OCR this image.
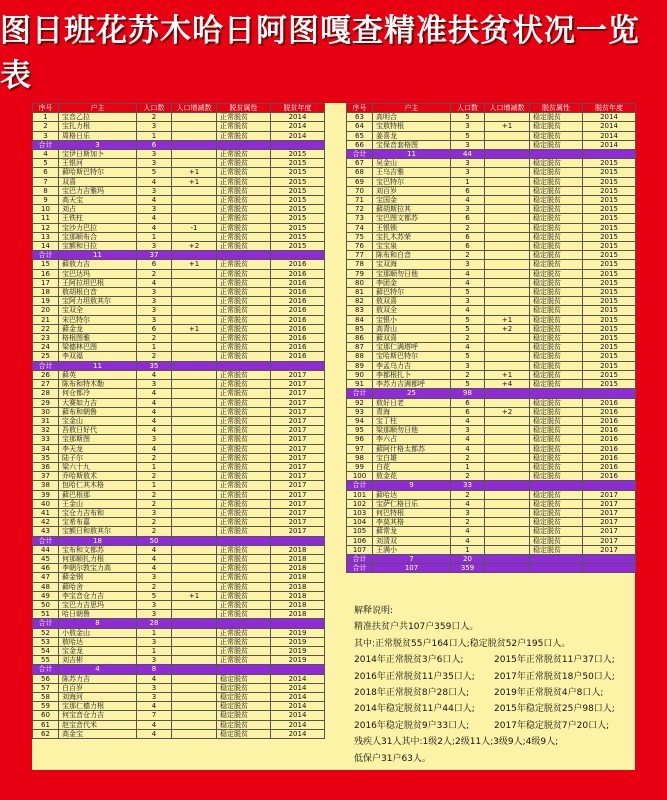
图日班花苏木哈日阿图嘎查精准扶贫状况一览表
序号	户主	人口数	人口增减数	脱贫属性	脱贫年度
1	宝音乙拉	2		正常脱贫	2014
2	宝扎力根	3		正常脱贫	2014
3	周格日乐	1		正常脱贫	2014
合计	3	6			
4	宝伊日斯加卜	3		正常脱贫	2015
5	王银河	3		正常脱贫	2015
6	藓哈斯巴特尔	5	+1	正常脱贫	2015
7	双喜	4	+1	正常脱贫	2015
8	宝巴力吉雅玛	3		正常脱贫	2015
9	高天宝	4		正常脱贫	2015
10	刘占	3		正常脱贫	2015
11	王铁柱	4		正常脱贫	2015
12	宝沙力巴拉	4	-1	正常脱贫	2015
13	宝那顺布合	1		正常脱贫	2015
14	宝额和日拉	3	+2	正常脱贫	2015
合计	11	37			
15	藓敖力吉	6	+1	正常脱贫	2016
16	宝巴达玛	2		正常脱贫	2016
17	王阿拉坦巴根	4		正常脱贫	2016
18	敖胡根白音	3		正常脱贫	2016
19	宝阿力坦敖其尔	3		正常脱贫	2016
20	宝双全	3		正常脱贫	2016
21	宋巴特尔	3		正常脱贫	2016
22	藓金龙	6	+1	正常脱贫	2016
23	格根图雅	2		正常脱贫	2016
24	梁德林巴图	1		正常脱贫	2016
25	李双福	2		正常脱贫	2016
合计	11	35			
26	藓英	4		正常脱贫	2017
27	陈布和特木勒	3		正常脱贫	2017
28	何仓都冷	4		正常脱贫	2017
29	大赛如力吉	4		正常脱贫	2017
30	藓布和朝鲁	4		正常脱贫	2017
31	宝金山	4		正常脱贫	2017
32	吾敖日好代	4		正常脱贫	2017
33	宝那斯图	3		正常脱贫	2017
34	李天龙	4		正常脱贫	2017
35	陆子尔	2		正常脱贫	2017
36	梁六十九	1		正常脱贫	2017
37	乔哈斯敖术	2		正常脱贫	2017
38	包哈仁其木格	1		正常脱贫	2017
39	藓巴根那	2		正常脱贫	2017
40	王金山	2		正常脱贫	2017
41	宝仓力吉布和	3		正常脱贫	2017
42	宝希布嘉	2		正常脱贫	2017
43	宝额日和敖其尔	2		正常脱贫	2017
合计	18	50			
44	宝布和文都苏	4		正常脱贫	2018
45	何那顺扎力根	4		正常脱贫	2018
46	李朝尔敦宝力高	4		正常脱贫	2018
47	藓金钢	3		正常脱贫	2018
48	藓哈舍	2		正常脱贫	2018
49	李宝音仓力吉	5	+1	正常脱贫	2018
50	宝巴力吉思玛	3		正常脱贫	2018
51	哈日朝鲁	3		正常脱贫	2018
合计	8	28			
52	小敖金山	1		正常脱贫	2019
53	敖哈达	3		正常脱贫	2019
54	宝金龙	1		正常脱贫	2019
55	刘吉彬	3		正常脱贫	2019
合计	4	8			
56	陈苏力吉	4		稳定脱贫	2014
57	白百岁	3		稳定脱贫	2014
58	刘海河	3		稳定脱贫	2014
59	宝那仁德力根	4		稳定脱贫	2014
60	何宝音仓力吉	7		稳定脱贫	2014
61	赵宝音代米	4		稳定脱贫	2014
62	高金宝	4		稳定脱贫	2014
序号	户主	人口数	人口增减数	脱贫属性	脱贫年度
63	高明合	5		稳定脱贫	2014
64	宝敖特根	3	+1	稳定脱贫	2014
65	姜喜龙	5		稳定脱贫	2014
66	宝保音套格图	3		稳定脱贫	2014
合计	11	44			
67	吴金山	3		稳定脱贫	2015
68	王乌吉雅	3		稳定脱贫	2015
69	宝巴特尔	1		稳定脱贫	2015
70	刘百岁	6		稳定脱贫	2015
71	宝国金	4		稳定脱贫	2015
72	藓胡斯拉其	3		稳定脱贫	2015
73	宝巴图文都苏	6		稳定脱贫	2015
74	王银锁	2		稳定脱贫	2015
75	宝扎木苏荣	6		稳定脱贫	2015
76	宝宝泉	6		稳定脱贫	2015
77	陈布和白音	2		稳定脱贫	2015
78	宝双海	3		稳定脱贫	2015
79	宝那顺勿日他	4		稳定脱贫	2015
80	李团金	4		稳定脱贫	2015
81	藓巴特尔	5		稳定脱贫	2015
82	敖双喜	3		稳定脱贫	2015
83	敖双全	4		稳定脱贫	2015
84	宝银小	5	+1	稳定脱贫	2015
85	高青山	5	+2	稳定脱贫	2015
86	藓双喜	2		稳定脱贫	2015
87	宝那仁满塔呼	4		稳定脱贫	2015
88	宝哈斯巴特尔	5		稳定脱贫	2015
89	李孟乌力吉	3		稳定脱贫	2015
90	李都根扎卜	2	+1	稳定脱贫	2015
91	李苏力吉满都呼	5	+4	稳定脱贫	2015
合计	25	98			
92	敖好日老	6		稳定脱贫	2016
93	青海	6	+2	稳定脱贫	2016
94	宝丁柱	4		稳定脱贫	2016
95	梁那顺勿日他	3		稳定脱贫	2016
96	李六占	4		稳定脱贫	2016
97	藓阿什格太都苏	4		稳定脱贫	2016
98	宝白雄	2		稳定脱贫	2016
99	白花	1		稳定脱贫	2016
100	敖金花	2		稳定脱贫	2016
合计	9	33			
101	藓哈达	2		稳定脱贫	2017
102	宝萨仁格日乐	4		稳定脱贫	2017
103	何巴特根	3		稳定脱贫	2017
104	李莫其格	2		稳定脱贫	2017
105	藓常龙	4		稳定脱贫	2017
106	刘清双	4		稳定脱贫	2017
107	王满小	1		稳定脱贫	2017
合计	7	20			
合计	107	359			
解释说明:
精准扶贫户共107户359口人。
其中:正常脱贫55户164口人;稳定脱贫52户195口人。
2014年正常脱贫3户6口人;	2015年正常脱贫11户37口人;
2016年正常脱贫11户35口人;	2017年正常脱贫18户50口人;
2018年正常脱贫8户28口人;	2019年正常脱贫4户8口人;
2014年稳定脱贫11户44口人;	2015年稳定脱贫25户98口人;
2016年稳定脱贫9户33口人;	2017年稳定脱贫7户20口人;
残疾人31人其中:1级2人;2级11人;3级9人;4级9人;
低保户31户63人。
